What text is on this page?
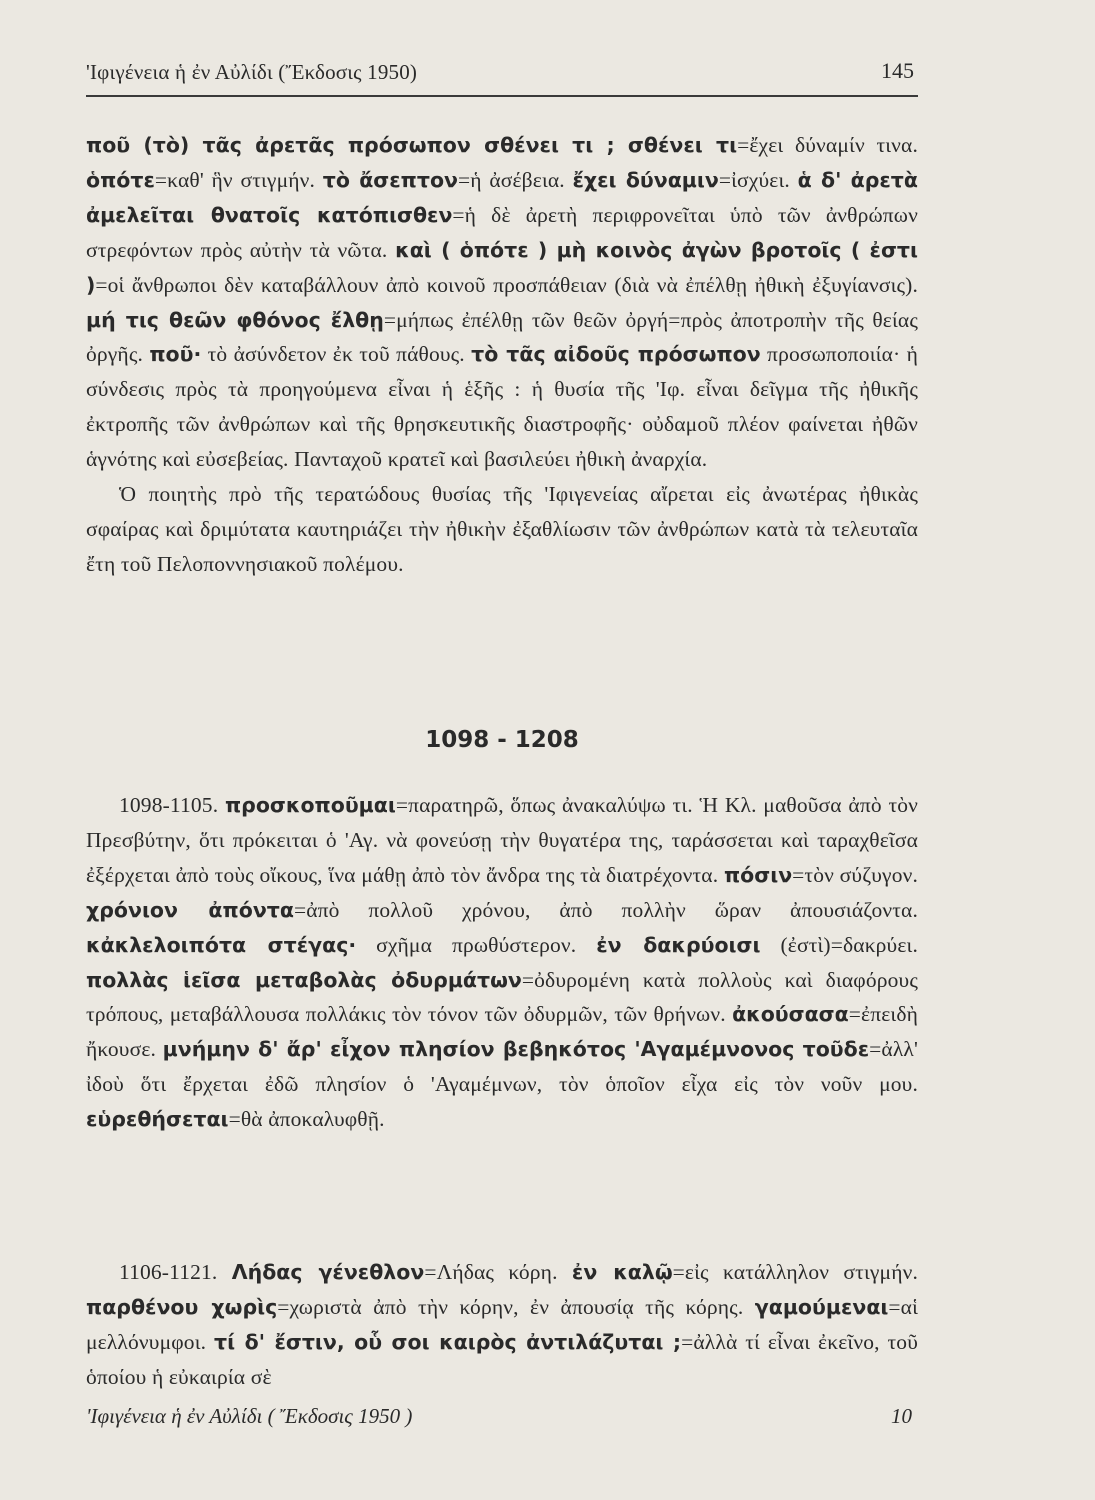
'Ιφιγένεια ἡ ἐν Αὐλίδι (Ἔκδοσις 1950)	145

ποῦ (τὸ) τᾶς ἀρετᾶς πρόσωπον σθένει τι ; σθένει τι=ἔχει δύναμίν τινα. ὁπότε=καθ' ἣν στιγμήν. τὸ ἄσεπτον=ἡ ἀσέβεια. ἔχει δύναμιν=ἰσχύει. ἁ δ' ἀρετὰ ἀμελεῖται θνατοῖς κατόπισθεν=ἡ δὲ ἀρετὴ περιφρονεῖται ὑπὸ τῶν ἀνθρώπων στρεφόντων πρὸς αὐτὴν τὰ νῶτα. καὶ ( ὁπότε ) μὴ κοινὸς ἀγὼν βροτοῖς ( ἐστι )=οἱ ἄνθρωποι δὲν καταβάλλουν ἀπὸ κοινοῦ προσπάθειαν (διὰ νὰ ἐπέλθῃ ἠθικὴ ἐξυγίανσις). μή τις θεῶν φθόνος ἔλθῃ=μήπως ἐπέλθῃ τῶν θεῶν ὀργή=πρὸς ἀποτροπὴν τῆς θείας ὀργῆς. ποῦ· τὸ ἀσύνδετον ἐκ τοῦ πάθους. τὸ τᾶς αἰδοῦς πρόσωπον προσωποποιία· ἡ σύνδεσις πρὸς τὰ προηγούμενα εἶναι ἡ ἑξῆς : ἡ θυσία τῆς 'Ιφ. εἶναι δεῖγμα τῆς ἠθικῆς ἐκτροπῆς τῶν ἀνθρώπων καὶ τῆς θρησκευτικῆς διαστροφῆς· οὐδαμοῦ πλέον φαίνεται ἠθῶν ἁγνότης καὶ εὐσεβείας. Πανταχοῦ κρατεῖ καὶ βασιλεύει ἠθικὴ ἀναρχία.

Ὁ ποιητὴς πρὸ τῆς τερατώδους θυσίας τῆς 'Ιφιγενείας αἴρεται εἰς ἀνωτέρας ἠθικὰς σφαίρας καὶ δριμύτατα καυτηριάζει τὴν ἠθικὴν ἐξαθλίωσιν τῶν ἀνθρώπων κατὰ τὰ τελευταῖα ἔτη τοῦ Πελοποννησιακοῦ πολέμου.

1098 - 1208

1098-1105. προσκοποῦμαι=παρατηρῶ, ὅπως ἀνακαλύψω τι. Ἡ Κλ. μαθοῦσα ἀπὸ τὸν Πρεσβύτην, ὅτι πρόκειται ὁ 'Αγ. νὰ φονεύσῃ τὴν θυγατέρα της, ταράσσεται καὶ ταραχθεῖσα ἐξέρχεται ἀπὸ τοὺς οἴκους, ἵνα μάθῃ ἀπὸ τὸν ἄνδρα της τὰ διατρέχοντα. πόσιν=τὸν σύζυγον. χρόνιον ἀπόντα=ἀπὸ πολλοῦ χρόνου, ἀπὸ πολλὴν ὥραν ἀπουσιάζοντα. κἀκλελοιπότα στέγας· σχῆμα πρωθύστερον. ἐν δακρύοισι (ἐστὶ)=δακρύει. πολλὰς ἱεῖσα μεταβολὰς ὀδυρμάτων=ὀδυρομένη κατὰ πολλοὺς καὶ διαφόρους τρόπους, μεταβάλλουσα πολλάκις τὸν τόνον τῶν ὀδυρμῶν, τῶν θρήνων. ἀκούσασα=ἐπειδὴ ἤκουσε. μνήμην δ' ἄρ' εἶχον πλησίον βεβηκότος 'Αγαμέμνονος τοῦδε=ἀλλ' ἰδοὺ ὅτι ἔρχεται ἐδῶ πλησίον ὁ 'Αγαμέμνων, τὸν ὁποῖον εἶχα εἰς τὸν νοῦν μου. εὑρεθήσεται=θὰ ἀποκαλυφθῇ.

1106-1121. Λήδας γένεθλον=Λήδας κόρη. ἐν καλῷ=εἰς κατάλληλον στιγμήν. παρθένου χωρὶς=χωριστὰ ἀπὸ τὴν κόρην, ἐν ἀπουσίᾳ τῆς κόρης. γαμούμεναι=αἱ μελλόνυμφοι. τί δ' ἔστιν, οὗ σοι καιρὸς ἀντιλάζυται ;=ἀλλὰ τί εἶναι ἐκεῖνο, τοῦ ὁποίου ἡ εὐκαιρία σὲ

'Ιφιγένεια ἡ ἐν Αὐλίδι ( Ἔκδοσις 1950 )	10
